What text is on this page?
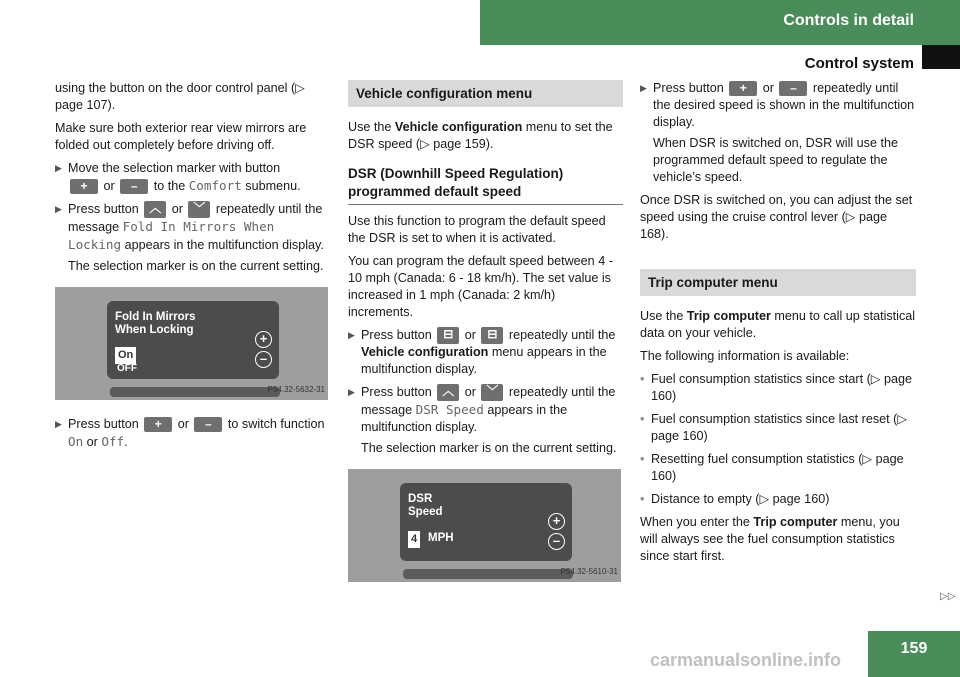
Controls in detail
Control system

using the button on the door control panel (▷ page 107).

Make sure both exterior rear view mirrors are folded out completely before driving off.

▶ Move the selection marker with button
+ or – to the Comfort submenu.
▶ Press button ︿ or ﹀ repeatedly until the message Fold In Mirrors When Locking appears in the multifunction display.

The selection marker is on the current setting.

Fold In Mirrors
When Locking
On
OFF
+
–
P54.32-5632-31
▶ Press button + or – to switch function On or Off.
Vehicle configuration menu

Use the Vehicle configuration menu to set the DSR speed (▷ page 159).

DSR (Downhill Speed Regulation) programmed default speed

Use this function to program the default speed the DSR is set to when it is activated.

You can program the default speed between 4 - 10 mph (Canada: 6 - 18 km/h). The set value is increased in 1 mph (Canada: 2 km/h) increments.

▶ Press button ⊟ or ⊟ repeatedly until the Vehicle configuration menu appears in the multifunction display.
▶ Press button ︿ or ﹀ repeatedly until the message DSR Speed appears in the multifunction display.

The selection marker is on the current setting.

DSR
Speed
4 MPH
+
–
P54.32-5610-31
▶ Press button + or – repeatedly until the desired speed is shown in the multifunction display.

When DSR is switched on, DSR will use the programmed default speed to regulate the vehicle’s speed.

Once DSR is switched on, you can adjust the set speed using the cruise control lever (▷ page 168).

Trip computer menu

Use the Trip computer menu to call up statistical data on your vehicle.

The following information is available:

• Fuel consumption statistics since start (▷ page 160)
• Fuel consumption statistics since last reset (▷ page 160)
• Resetting fuel consumption statistics (▷ page 160)
• Distance to empty (▷ page 160)

When you enter the Trip computer menu, you will always see the fuel consumption statistics since start first.

▷▷
carmanualsonline.info
159
